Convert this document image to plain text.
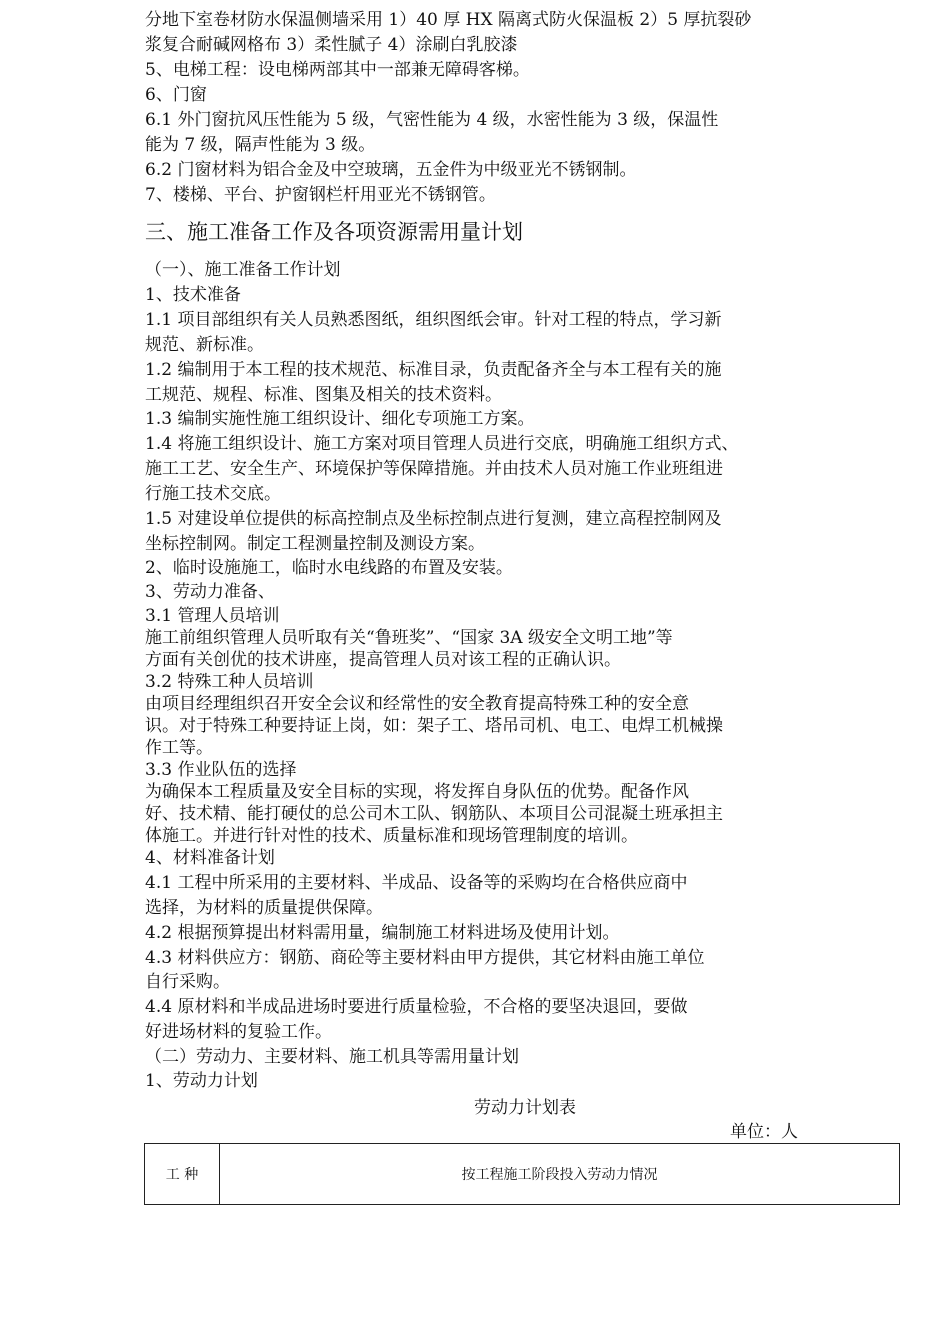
分地下室卷材防水保温侧墙采用 1）40 厚 HX 隔离式防火保温板 2）5 厚抗裂砂
浆复合耐碱网格布 3）柔性腻子 4）涂刷白乳胶漆
5、电梯工程：设电梯两部其中一部兼无障碍客梯。
6、门窗
6.1 外门窗抗风压性能为 5 级，气密性能为 4 级，水密性能为 3 级，保温性
能为 7 级，隔声性能为 3 级。
6.2 门窗材料为铝合金及中空玻璃，五金件为中级亚光不锈钢制。
7、楼梯、平台、护窗钢栏杆用亚光不锈钢管。
三、施工准备工作及各项资源需用量计划
（一）、施工准备工作计划
1、技术准备
1.1 项目部组织有关人员熟悉图纸，组织图纸会审。针对工程的特点，学习新
规范、新标准。
1.2 编制用于本工程的技术规范、标准目录，负责配备齐全与本工程有关的施
工规范、规程、标准、图集及相关的技术资料。
1.3 编制实施性施工组织设计、细化专项施工方案。
1.4 将施工组织设计、施工方案对项目管理人员进行交底，明确施工组织方式、
施工工艺、安全生产、环境保护等保障措施。并由技术人员对施工作业班组进
行施工技术交底。
1.5 对建设单位提供的标高控制点及坐标控制点进行复测，建立高程控制网及
坐标控制网。制定工程测量控制及测设方案。
2、临时设施施工，临时水电线路的布置及安装。
3、劳动力准备、
3.1 管理人员培训
施工前组织管理人员听取有关“鲁班奖”、“国家 3A 级安全文明工地”等
方面有关创优的技术讲座，提高管理人员对该工程的正确认识。
3.2 特殊工种人员培训
由项目经理组织召开安全会议和经常性的安全教育提高特殊工种的安全意
识。对于特殊工种要持证上岗，如：架子工、塔吊司机、电工、电焊工机械操
作工等。
3.3 作业队伍的选择
为确保本工程质量及安全目标的实现，将发挥自身队伍的优势。配备作风
好、技术精、能打硬仗的总公司木工队、钢筋队、本项目公司混凝土班承担主
体施工。并进行针对性的技术、质量标准和现场管理制度的培训。
4、材料准备计划
4.1 工程中所采用的主要材料、半成品、设备等的采购均在合格供应商中
选择，为材料的质量提供保障。
4.2 根据预算提出材料需用量，编制施工材料进场及使用计划。
4.3 材料供应方：钢筋、商砼等主要材料由甲方提供，其它材料由施工单位
自行采购。
4.4 原材料和半成品进场时要进行质量检验，不合格的要坚决退回，要做
好进场材料的复验工作。
（二）劳动力、主要材料、施工机具等需用量计划
1、劳动力计划
劳动力计划表
单位：人
工 种	按工程施工阶段投入劳动力情况
